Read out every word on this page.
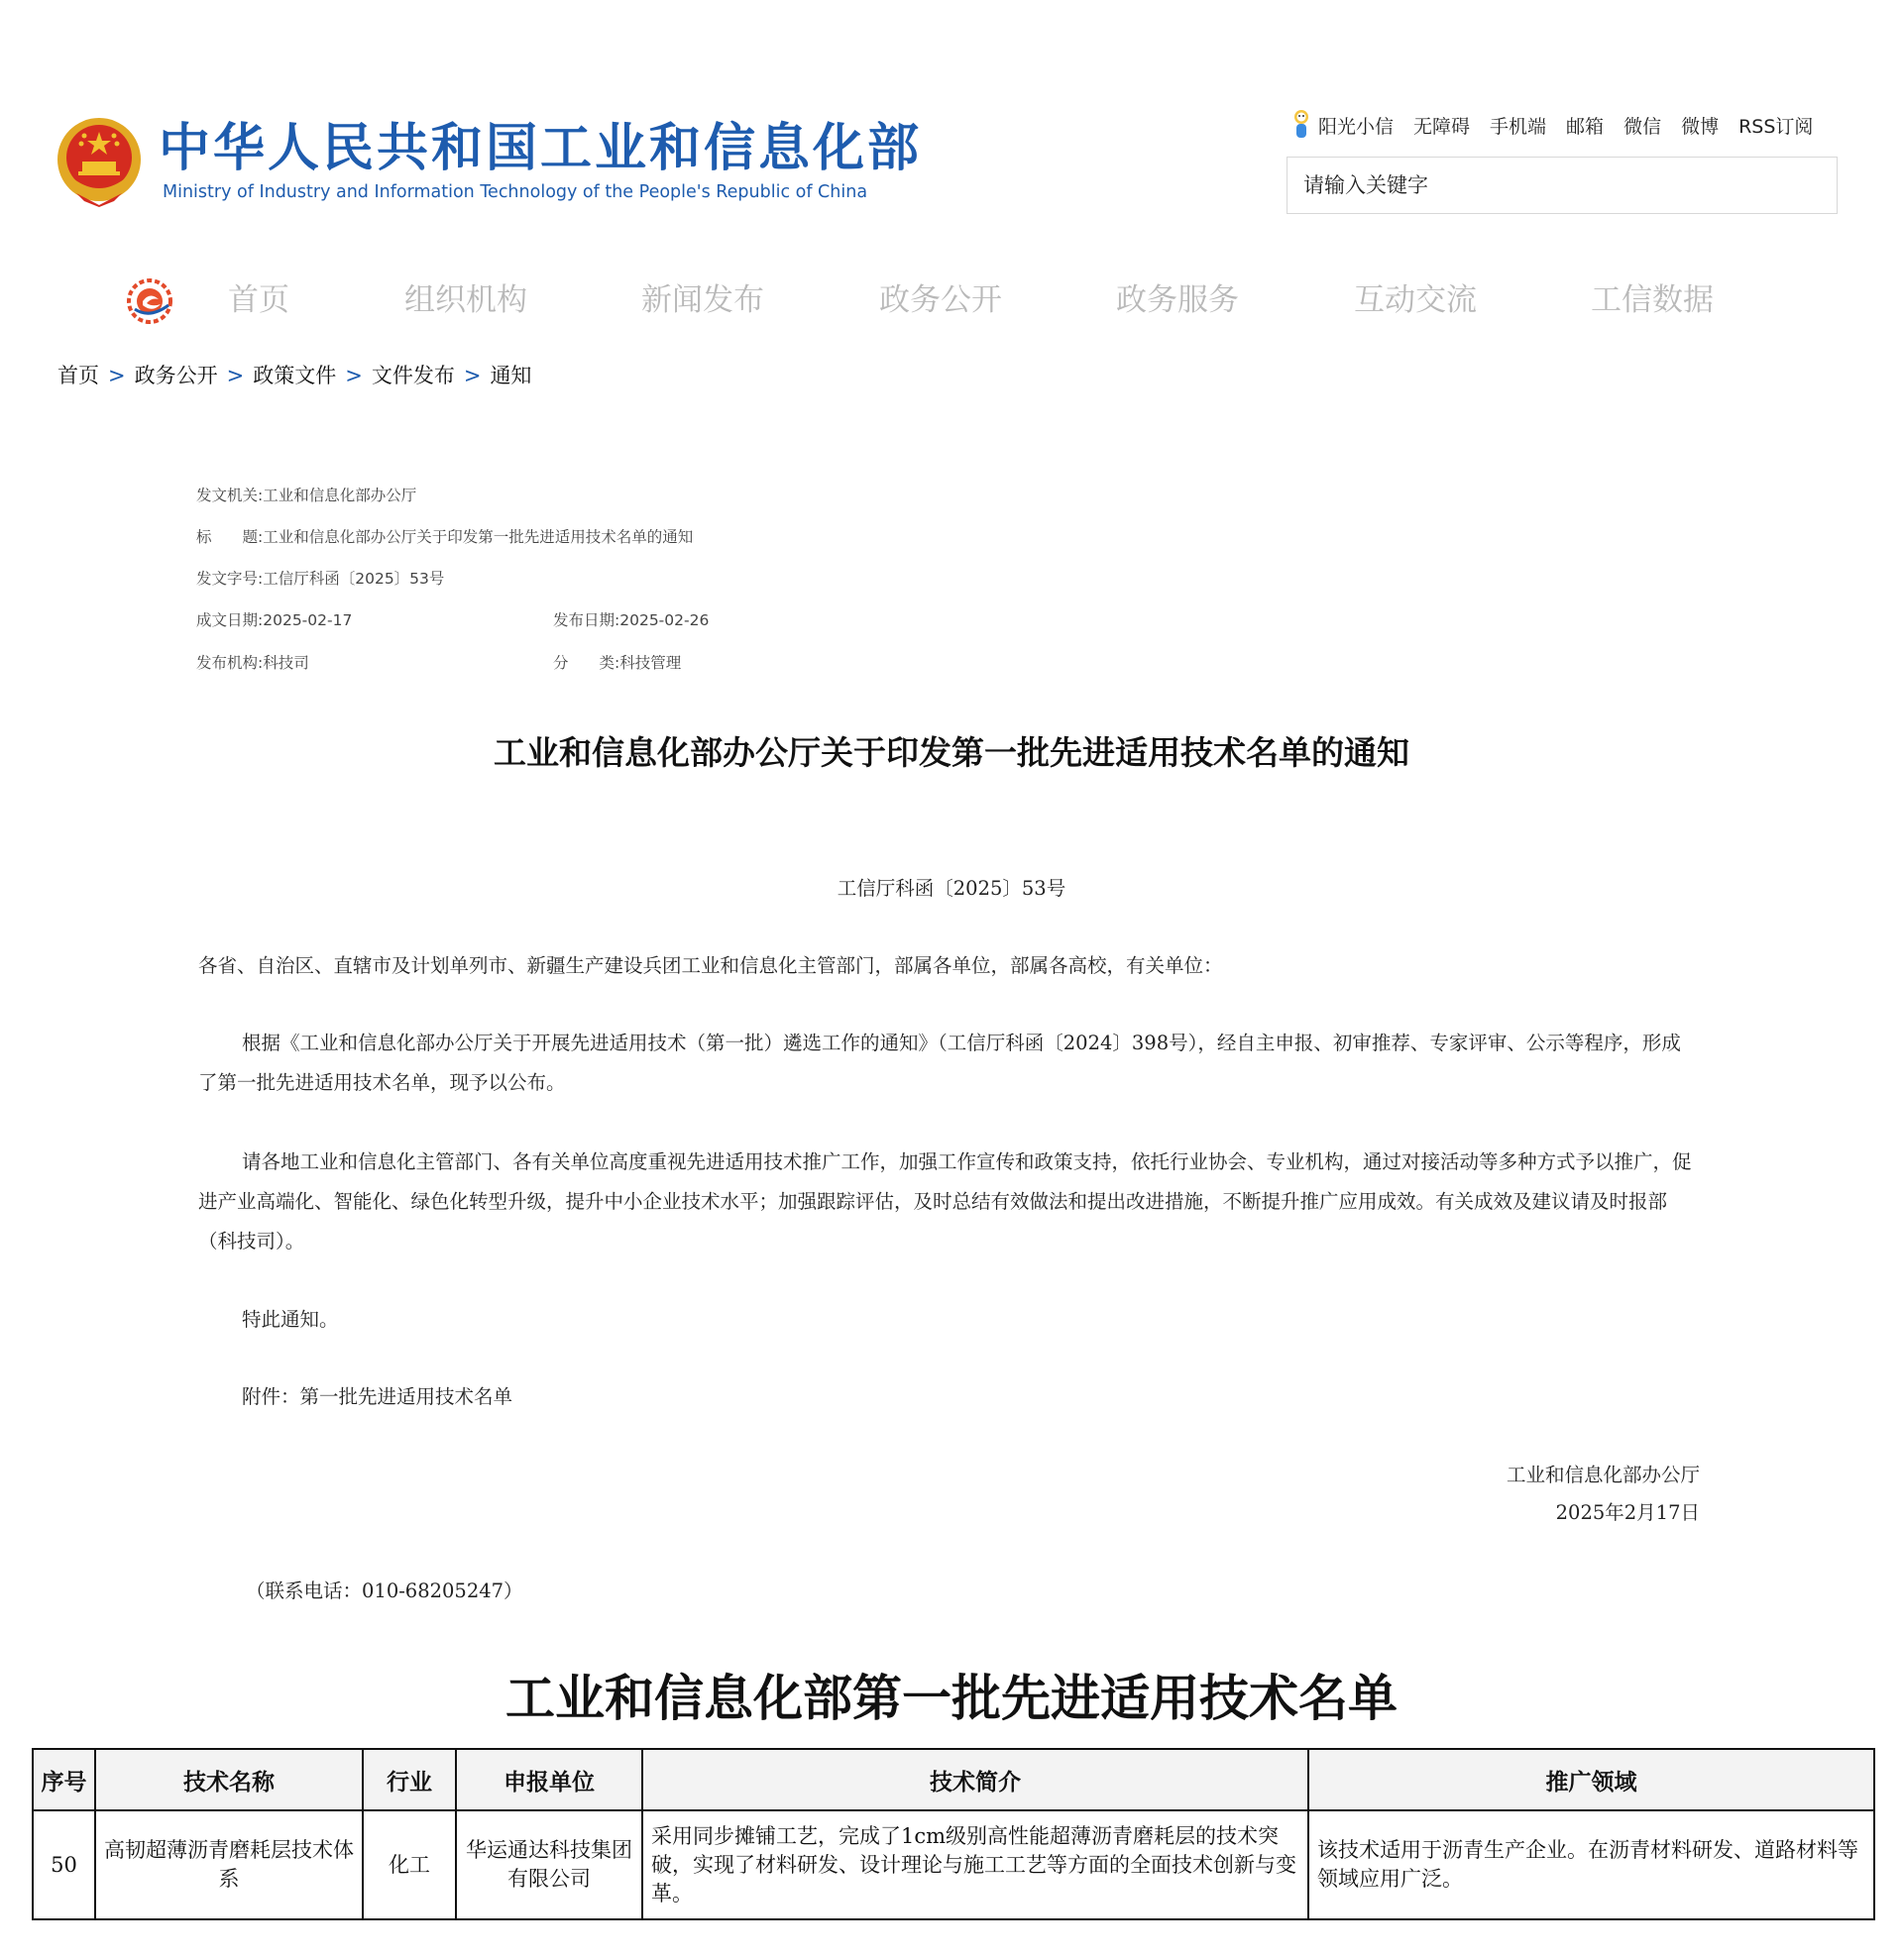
中华人民共和国工业和信息化部
Ministry of Industry and Information Technology of the People's Republic of China
阳光小信 无障碍 手机端 邮箱 微信 微博 RSS订阅
请输入关键字
首页	组织机构	新闻发布	政务公开	政务服务	互动交流	工信数据
首页 > 政务公开 > 政策文件 > 文件发布 > 通知
发文机关:工业和信息化部办公厅
标　　题:工业和信息化部办公厅关于印发第一批先进适用技术名单的通知
发文字号:工信厅科函〔2025〕53号
成文日期:2025-02-17	发布日期:2025-02-26
发布机构:科技司	分　　类:科技管理
工业和信息化部办公厅关于印发第一批先进适用技术名单的通知
工信厅科函〔2025〕53号
各省、自治区、直辖市及计划单列市、新疆生产建设兵团工业和信息化主管部门，部属各单位，部属各高校，有关单位：
根据《工业和信息化部办公厅关于开展先进适用技术（第一批）遴选工作的通知》（工信厅科函〔2024〕398号），经自主申报、初审推荐、专家评审、公示等程序，形成了第一批先进适用技术名单，现予以公布。
请各地工业和信息化主管部门、各有关单位高度重视先进适用技术推广工作，加强工作宣传和政策支持，依托行业协会、专业机构，通过对接活动等多种方式予以推广，促进产业高端化、智能化、绿色化转型升级，提升中小企业技术水平；加强跟踪评估，及时总结有效做法和提出改进措施，不断提升推广应用成效。有关成效及建议请及时报部（科技司）。
特此通知。
附件：第一批先进适用技术名单
工业和信息化部办公厅
2025年2月17日
（联系电话：010-68205247）
工业和信息化部第一批先进适用技术名单
序号	技术名称	行业	申报单位	技术简介	推广领域
50	高韧超薄沥青磨耗层技术体系	化工	华运通达科技集团有限公司	采用同步摊铺工艺，完成了1cm级别高性能超薄沥青磨耗层的技术突破，实现了材料研发、设计理论与施工工艺等方面的全面技术创新与变革。	该技术适用于沥青生产企业。在沥青材料研发、道路材料等领域应用广泛。
